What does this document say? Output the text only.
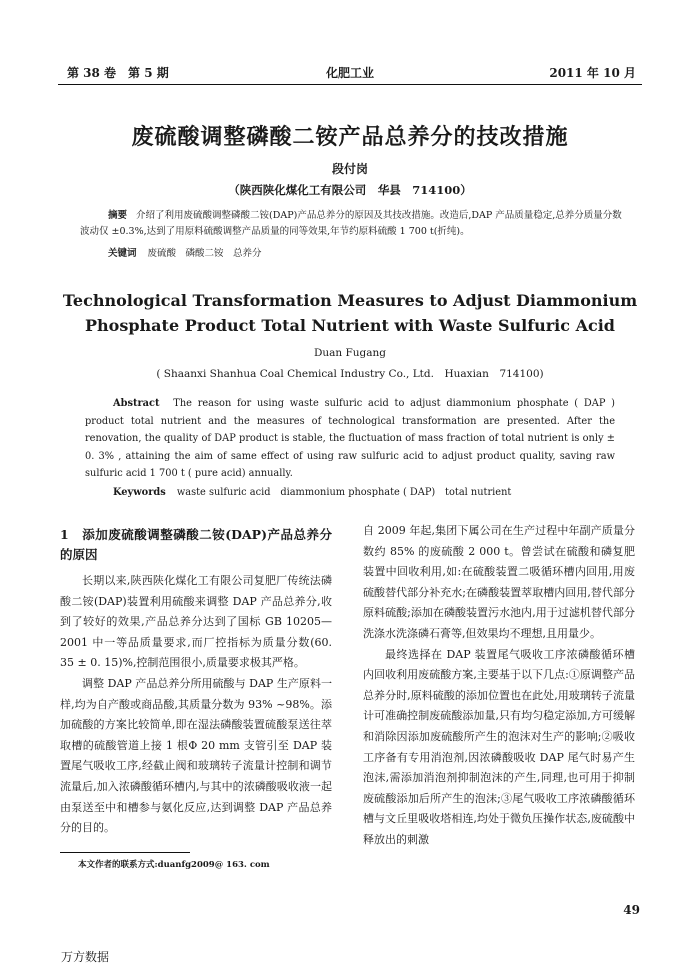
第 38 卷　第 5 期	化肥工业	2011 年 10 月
废硫酸调整磷酸二铵产品总养分的技改措施
段付岗
（陕西陕化煤化工有限公司　华县　714100）
摘要 介绍了利用废硫酸调整磷酸二铵(DAP)产品总养分的原因及其技改措施。改造后,DAP 产品质量稳定,总养分质量分数波动仅 ±0.3%,达到了用原料硫酸调整产品质量的同等效果,年节约原料硫酸 1 700 t(折纯)。
关键词 废硫酸　磷酸二铵　总养分
Technological Transformation Measures to Adjust Diammonium Phosphate Product Total Nutrient with Waste Sulfuric Acid
Duan Fugang
( Shaanxi Shanhua Coal Chemical Industry Co., Ltd.　Huaxian　714100)
Abstract The reason for using waste sulfuric acid to adjust diammonium phosphate ( DAP ) product total nutrient and the measures of technological transformation are presented. After the renovation, the quality of DAP product is stable, the fluctuation of mass fraction of total nutrient is only ± 0. 3% , attaining the aim of same effect of using raw sulfuric acid to adjust product quality, saving raw sulfuric acid 1 700 t ( pure acid) annually.
Keywords waste sulfuric acid　diammonium phosphate ( DAP)　total nutrient
1　添加废硫酸调整磷酸二铵(DAP)产品总养分的原因

长期以来,陕西陕化煤化工有限公司复肥厂传统法磷酸二铵(DAP)装置利用硫酸来调整 DAP 产品总养分,收到了较好的效果,产品总养分达到了国标 GB 10205—2001 中一等品质量要求,而厂控指标为质量分数(60. 35 ± 0. 15)%,控制范围很小,质量要求极其严格。

调整 DAP 产品总养分所用硫酸与 DAP 生产原料一样,均为自产酸或商品酸,其质量分数为 93% ~98%。添加硫酸的方案比较简单,即在湿法磷酸装置硫酸泵送往萃取槽的硫酸管道上接 1 根Φ 20 mm 支管引至 DAP 装置尾气吸收工序,经截止阀和玻璃转子流量计控制和调节流量后,加入浓磷酸循环槽内,与其中的浓磷酸吸收液一起由泵送至中和槽参与氨化反应,达到调整 DAP 产品总养分的目的。

自 2009 年起,集团下属公司在生产过程中年副产质量分数约 85% 的废硫酸 2 000 t。曾尝试在硫酸和磷复肥装置中回收利用,如:在硫酸装置二吸循环槽内回用,用废硫酸替代部分补充水;在磷酸装置萃取槽内回用,替代部分原料硫酸;添加在磷酸装置污水池内,用于过滤机替代部分洗涤水洗涤磷石膏等,但效果均不理想,且用量少。

最终选择在 DAP 装置尾气吸收工序浓磷酸循环槽内回收利用废硫酸方案,主要基于以下几点:①原调整产品总养分时,原料硫酸的添加位置也在此处,用玻璃转子流量计可准确控制废硫酸添加量,只有均匀稳定添加,方可缓解和消除因添加废硫酸所产生的泡沫对生产的影响;②吸收工序备有专用消泡剂,因浓磷酸吸收 DAP 尾气时易产生泡沫,需添加消泡剂抑制泡沫的产生,同理,也可用于抑制废硫酸添加后所产生的泡沫;③尾气吸收工序浓磷酸循环槽与文丘里吸收塔相连,均处于微负压操作状态,废硫酸中释放出的刺激

本文作者的联系方式:duanfg2009@ 163. com
49
万方数据
